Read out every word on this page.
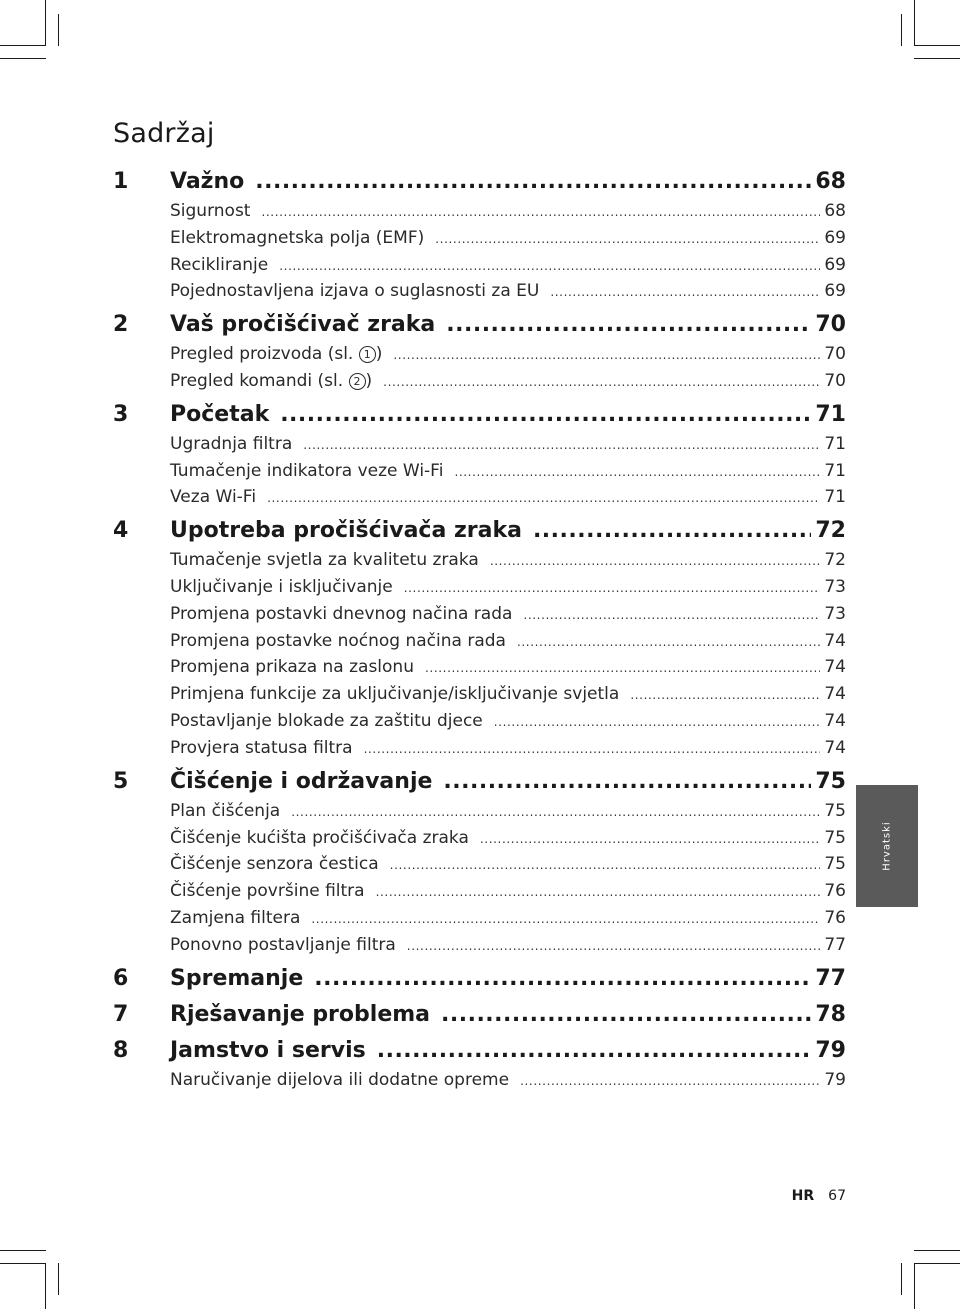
Sadržaj
1	Važno .....	68
Sigurnost .....	68
Elektromagnetska polja (EMF) .....	69
Recikliranje .....	69
Pojednostavljena izjava o suglasnosti za EU .....	69
2	Vaš pročišćivač zraka .....	70
Pregled proizvoda (sl. 1 ) .....	70
Pregled komandi (sl. 2 ) .....	70
3	Početak .....	71
Ugradnja filtra .....	71
Tumačenje indikatora veze Wi-Fi .....	71
Veza Wi-Fi .....	71
4	Upotreba pročišćivača zraka .....	72
Tumačenje svjetla za kvalitetu zraka .....	72
Uključivanje i isključivanje .....	73
Promjena postavki dnevnog načina rada .....	73
Promjena postavke noćnog načina rada .....	74
Promjena prikaza na zaslonu .....	74
Primjena funkcije za uključivanje/isključivanje svjetla .....	74
Postavljanje blokade za zaštitu djece .....	74
Provjera statusa filtra .....	74
5	Čišćenje i održavanje .....	75
Plan čišćenja .....	75
Čišćenje kućišta pročišćivača zraka .....	75
Čišćenje senzora čestica .....	75
Čišćenje površine filtra .....	76
Zamjena filtera .....	76
Ponovno postavljanje filtra .....	77
6	Spremanje .....	77
7	Rješavanje problema .....	78
8	Jamstvo i servis .....	79
Naručivanje dijelova ili dodatne opreme .....	79
Hrvatski
HR 67
